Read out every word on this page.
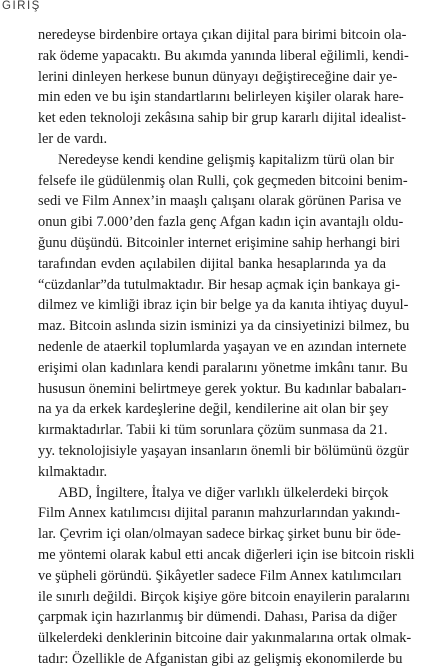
GİRİŞ
neredeyse birdenbire ortaya çıkan dijital para birimi bitcoin ola-
rak ödeme yapacaktı. Bu akımda yanında liberal eğilimli, kendi-
lerini dinleyen herkese bunun dünyayı değiştireceğine dair ye-
min eden ve bu işin standartlarını belirleyen kişiler olarak hare-
ket eden teknoloji zekâsına sahip bir grup kararlı dijital idealist-
ler de vardı.
Neredeyse kendi kendine gelişmiş kapitalizm türü olan bir
felsefe ile güdülenmiş olan Rulli, çok geçmeden bitcoini benim-
sedi ve Film Annex’in maaşlı çalışanı olarak görünen Parisa ve
onun gibi 7.000’den fazla genç Afgan kadın için avantajlı oldu-
ğunu düşündü. Bitcoinler internet erişimine sahip herhangi biri
tarafından evden açılabilen dijital banka hesaplarında ya da
“cüzdanlar”da tutulmaktadır. Bir hesap açmak için bankaya gi-
dilmez ve kimliği ibraz için bir belge ya da kanıta ihtiyaç duyul-
maz. Bitcoin aslında sizin isminizi ya da cinsiyetinizi bilmez, bu
nedenle de ataerkil toplumlarda yaşayan ve en azından internete
erişimi olan kadınlara kendi paralarını yönetme imkânı tanır. Bu
hususun önemini belirtmeye gerek yoktur. Bu kadınlar babaları-
na ya da erkek kardeşlerine değil, kendilerine ait olan bir şey
kırmaktadırlar. Tabii ki tüm sorunlara çözüm sunmasa da 21.
yy. teknolojisiyle yaşayan insanların önemli bir bölümünü özgür
kılmaktadır.
ABD, İngiltere, İtalya ve diğer varlıklı ülkelerdeki birçok
Film Annex katılımcısı dijital paranın mahzurlarından yakındı-
lar. Çevrim içi olan/olmayan sadece birkaç şirket bunu bir öde-
me yöntemi olarak kabul etti ancak diğerleri için ise bitcoin riskli
ve şüpheli göründü. Şikâyetler sadece Film Annex katılımcıları
ile sınırlı değildi. Birçok kişiye göre bitcoin enayilerin paralarını
çarpmak için hazırlanmış bir dümendi. Dahası, Parisa da diğer
ülkelerdeki denklerinin bitcoine dair yakınmalarına ortak olmak-
tadır: Özellikle de Afganistan gibi az gelişmiş ekonomilerde bu
